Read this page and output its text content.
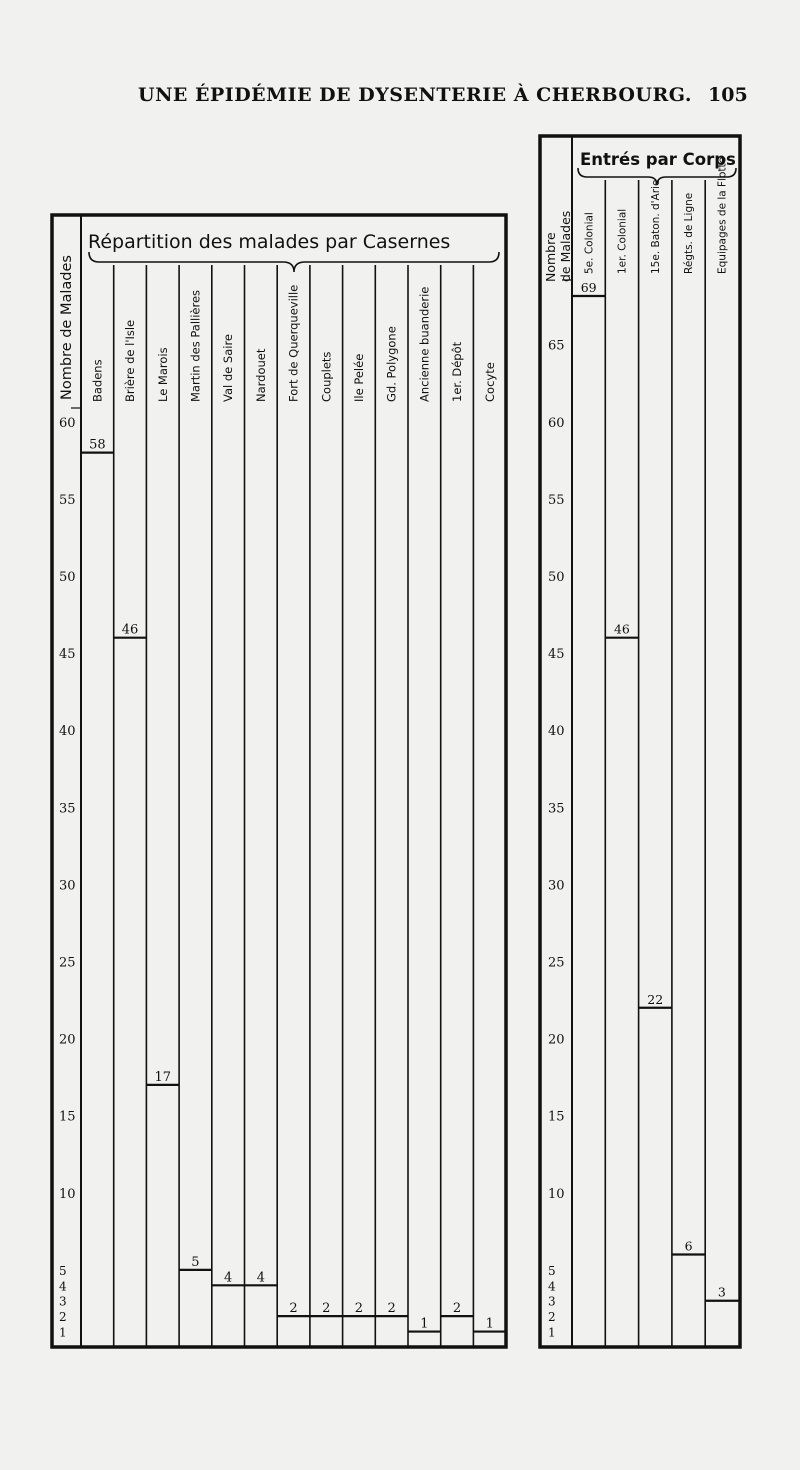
UNE ÉPIDÉMIE DE DYSENTERIE À CHERBOURG. 105
Répartition des malades par Casernes
Nombre de Malades
1
2
3
4
5
10
15
20
25
30
35
40
45
50
55
60
Badens Brière de l'Isle Le Marois Martin des Pallières Val de Saire Nardouet Fort de Querqueville Couplets Ile Pelée Gd. Polygone Ancienne buanderie 1er. Dépôt Cocyte
58
46
17
5
4 4
2 2 2 2
1
2
1
Entrés par Corps
Nombrede Malades
1
2
3
4
5
10
15
20
25
30
35
40
45
50
55
60
65
5e. Colonial 1er. Colonial 15e. Baton. d'Arie Régts. de Ligne Equipages de la Flotte
69
46
22
6
3
